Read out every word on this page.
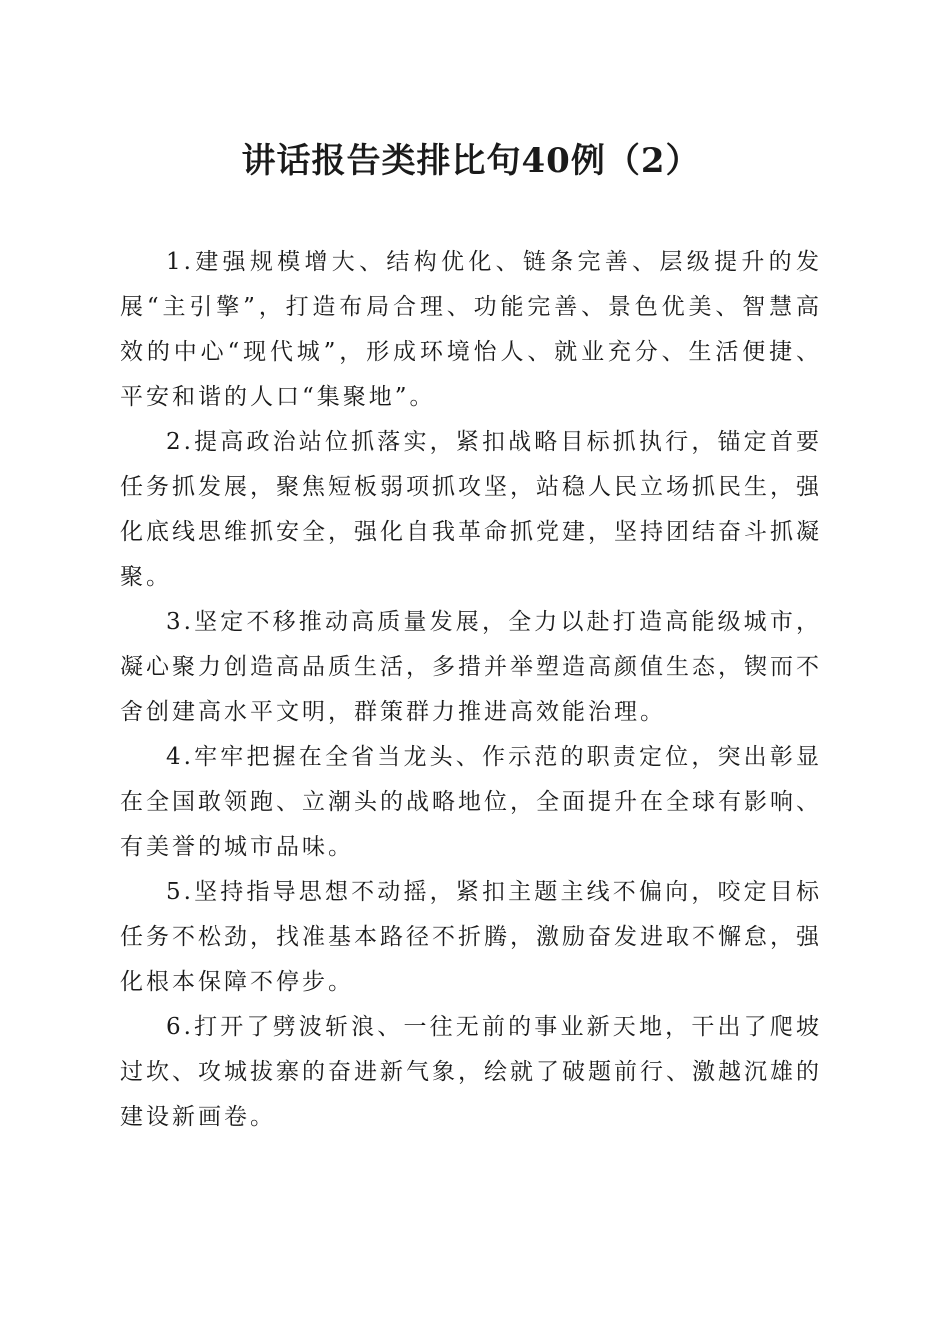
讲话报告类排比句40例（2）

1.建强规模增大、结构优化、链条完善、层级提升的发展“主引擎”，打造布局合理、功能完善、景色优美、智慧高效的中心“现代城”，形成环境怡人、就业充分、生活便捷、平安和谐的人口“集聚地”。

2.提高政治站位抓落实，紧扣战略目标抓执行，锚定首要任务抓发展，聚焦短板弱项抓攻坚，站稳人民立场抓民生，强化底线思维抓安全，强化自我革命抓党建，坚持团结奋斗抓凝聚。

3.坚定不移推动高质量发展，全力以赴打造高能级城市，凝心聚力创造高品质生活，多措并举塑造高颜值生态，锲而不舍创建高水平文明，群策群力推进高效能治理。

4.牢牢把握在全省当龙头、作示范的职责定位，突出彰显在全国敢领跑、立潮头的战略地位，全面提升在全球有影响、有美誉的城市品味。

5.坚持指导思想不动摇，紧扣主题主线不偏向，咬定目标任务不松劲，找准基本路径不折腾，激励奋发进取不懈怠，强化根本保障不停步。

6.打开了劈波斩浪、一往无前的事业新天地，干出了爬坡过坎、攻城拔寨的奋进新气象，绘就了破题前行、激越沉雄的建设新画卷。
